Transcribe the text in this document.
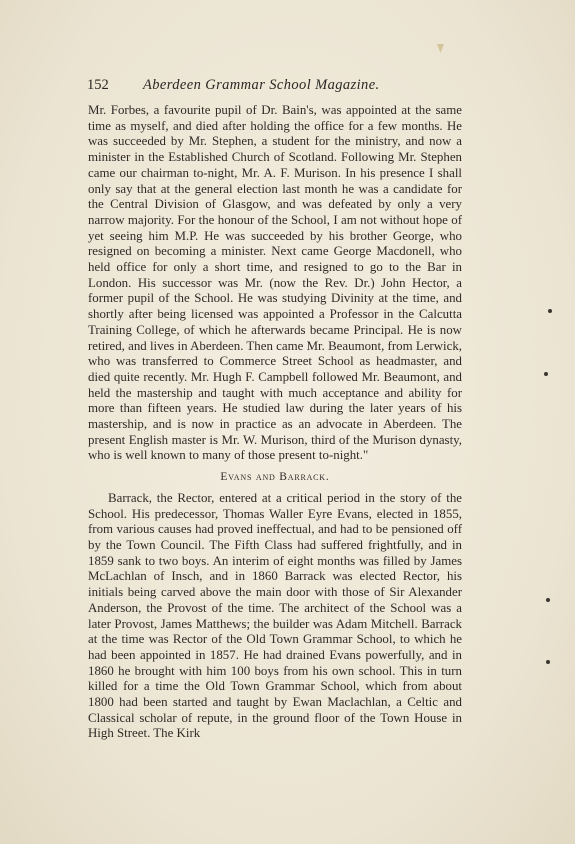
152 Aberdeen Grammar School Magazine.

Mr. Forbes, a favourite pupil of Dr. Bain's, was appointed at the same time as myself, and died after holding the office for a few months. He was succeeded by Mr. Stephen, a student for the ministry, and now a minister in the Established Church of Scotland. Following Mr. Stephen came our chairman to-night, Mr. A. F. Murison. In his presence I shall only say that at the general election last month he was a candidate for the Central Division of Glasgow, and was defeated by only a very narrow majority. For the honour of the School, I am not without hope of yet seeing him M.P. He was succeeded by his brother George, who resigned on becoming a minister. Next came George Macdonell, who held office for only a short time, and resigned to go to the Bar in London. His successor was Mr. (now the Rev. Dr.) John Hector, a former pupil of the School. He was studying Divinity at the time, and shortly after being licensed was appointed a Professor in the Calcutta Training College, of which he afterwards became Principal. He is now retired, and lives in Aberdeen. Then came Mr. Beaumont, from Lerwick, who was transferred to Commerce Street School as headmaster, and died quite recently. Mr. Hugh F. Campbell followed Mr. Beaumont, and held the mastership and taught with much acceptance and ability for more than fifteen years. He studied law during the later years of his mastership, and is now in practice as an advocate in Aberdeen. The present English master is Mr. W. Murison, third of the Murison dynasty, who is well known to many of those present to-night."

Evans and Barrack.

Barrack, the Rector, entered at a critical period in the story of the School. His predecessor, Thomas Waller Eyre Evans, elected in 1855, from various causes had proved ineffectual, and had to be pensioned off by the Town Council. The Fifth Class had suffered frightfully, and in 1859 sank to two boys. An interim of eight months was filled by James McLachlan of Insch, and in 1860 Barrack was elected Rector, his initials being carved above the main door with those of Sir Alexander Anderson, the Provost of the time. The architect of the School was a later Provost, James Matthews; the builder was Adam Mitchell. Barrack at the time was Rector of the Old Town Grammar School, to which he had been appointed in 1857. He had drained Evans powerfully, and in 1860 he brought with him 100 boys from his own school. This in turn killed for a time the Old Town Grammar School, which from about 1800 had been started and taught by Ewan Maclachlan, a Celtic and Classical scholar of repute, in the ground floor of the Town House in High Street. The Kirk
